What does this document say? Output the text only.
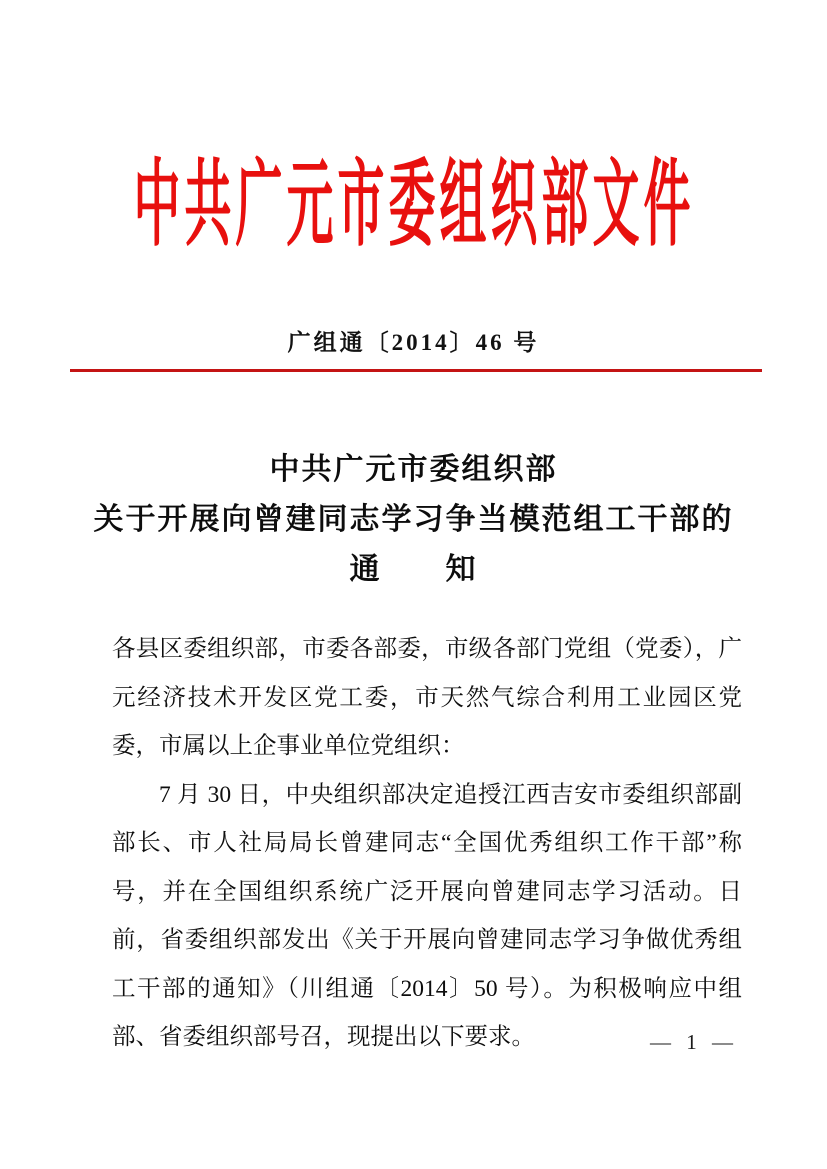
中共广元市委组织部文件
广组通〔2014〕46 号
中共广元市委组织部
关于开展向曾建同志学习争当模范组工干部的
通　　知

各县区委组织部，市委各部委，市级各部门党组（党委），广元经济技术开发区党工委，市天然气综合利用工业园区党委，市属以上企事业单位党组织：

7 月 30 日，中央组织部决定追授江西吉安市委组织部副部长、市人社局局长曾建同志“全国优秀组织工作干部”称号，并在全国组织系统广泛开展向曾建同志学习活动。日前，省委组织部发出《关于开展向曾建同志学习争做优秀组工干部的通知》（川组通〔2014〕50 号）。为积极响应中组部、省委组织部号召，现提出以下要求。	— 1 —
